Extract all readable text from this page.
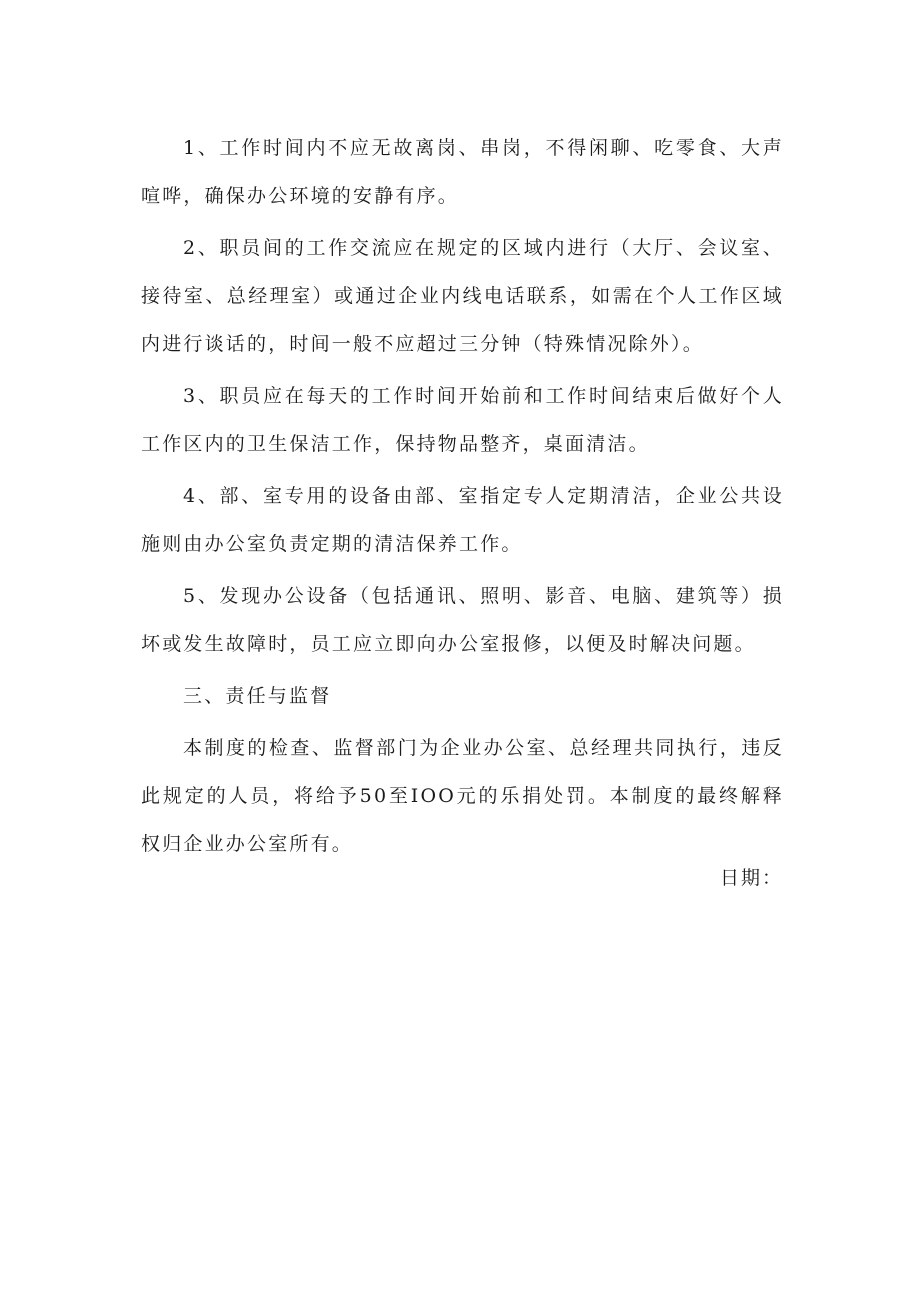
1、工作时间内不应无故离岗、串岗，不得闲聊、吃零食、大声喧哗，确保办公环境的安静有序。

2、职员间的工作交流应在规定的区域内进行（大厅、会议室、接待室、总经理室）或通过企业内线电话联系，如需在个人工作区域内进行谈话的，时间一般不应超过三分钟（特殊情况除外）。

3、职员应在每天的工作时间开始前和工作时间结束后做好个人工作区内的卫生保洁工作，保持物品整齐，桌面清洁。

4、部、室专用的设备由部、室指定专人定期清洁，企业公共设施则由办公室负责定期的清洁保养工作。

5、发现办公设备（包括通讯、照明、影音、电脑、建筑等）损坏或发生故障时，员工应立即向办公室报修，以便及时解决问题。

三、责任与监督

本制度的检查、监督部门为企业办公室、总经理共同执行，违反此规定的人员，将给予50至IOO元的乐捐处罚。本制度的最终解释权归企业办公室所有。

日期：
